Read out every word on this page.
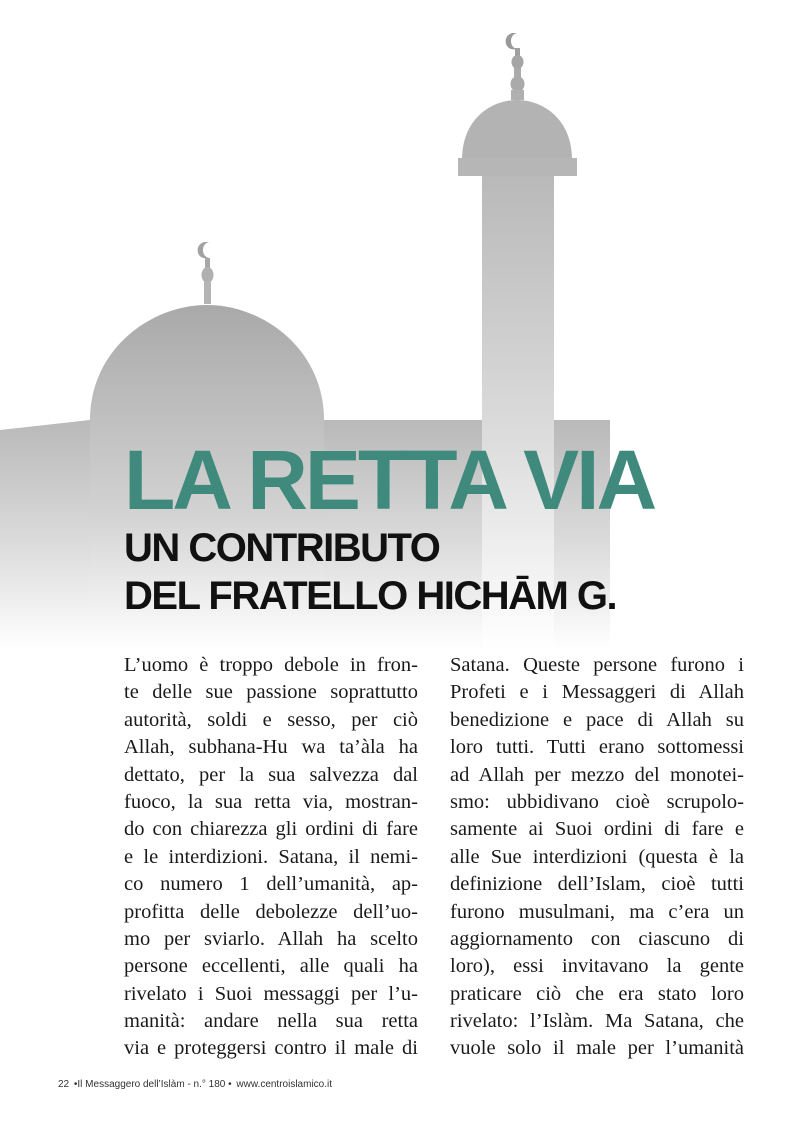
LA RETTA VIA
UN CONTRIBUTO
DEL FRATELLO HICHĀM G.
L’uomo è troppo debole in fron-
te delle sue passione soprattutto
autorità, soldi e sesso, per ciò
Allah, subhana-Hu wa ta’àla ha
dettato, per la sua salvezza dal
fuoco, la sua retta via, mostran-
do con chiarezza gli ordini di fare
e le interdizioni. Satana, il nemi-
co numero 1 dell’umanità, ap-
profitta delle debolezze dell’uo-
mo per sviarlo. Allah ha scelto
persone eccellenti, alle quali ha
rivelato i Suoi messaggi per l’u-
manità: andare nella sua retta
via e proteggersi contro il male di
Satana. Queste persone furono i
Profeti e i Messaggeri di Allah
benedizione e pace di Allah su
loro tutti. Tutti erano sottomessi
ad Allah per mezzo del monotei-
smo: ubbidivano cioè scrupolo-
samente ai Suoi ordini di fare e
alle Sue interdizioni (questa è la
definizione dell’Islam, cioè tutti
furono musulmani, ma c’era un
aggiornamento con ciascuno di
loro), essi invitavano la gente
praticare ciò che era stato loro
rivelato: l’Islàm. Ma Satana, che
vuole solo il male per l’umanità
22 •Il Messaggero dell’Islàm - n.° 180 • www.centroislamico.it
